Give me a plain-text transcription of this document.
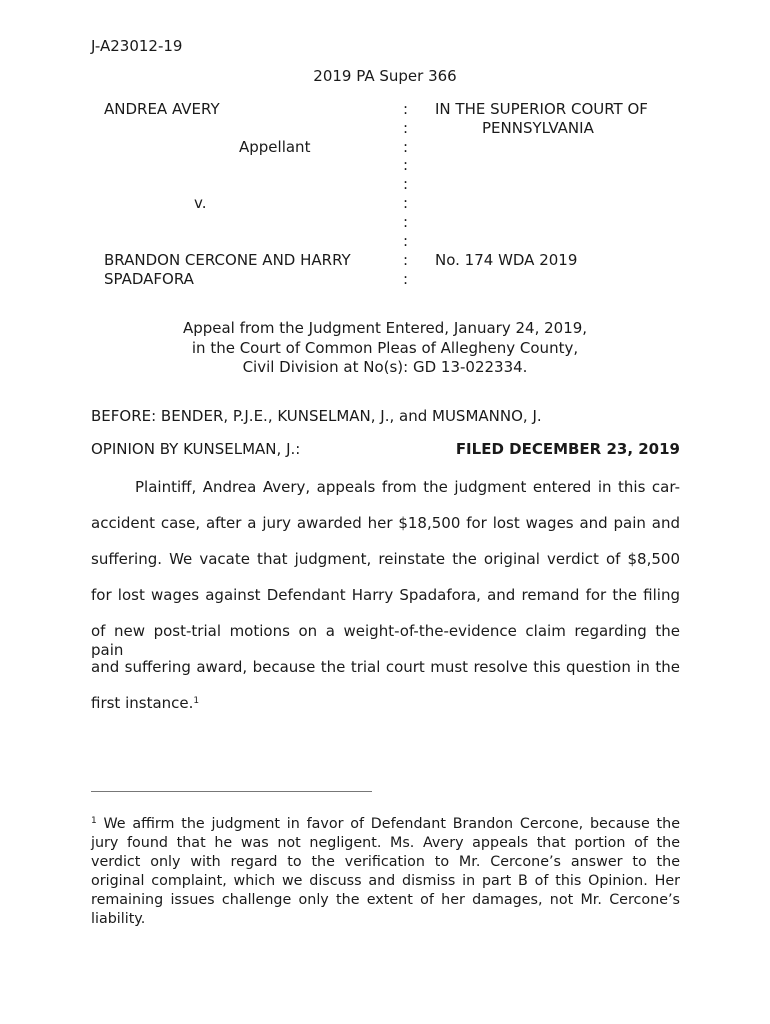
J-A23012-19

2019 PA Super 366

ANDREA AVERY

Appellant

v.

BRANDON CERCONE AND HARRY

SPADAFORA

:

:

:

:

:

:

:

:

:

:

IN THE SUPERIOR COURT OF

PENNSYLVANIA

No. 174 WDA 2019

Appeal from the Judgment Entered, January 24, 2019,
in the Court of Common Pleas of Allegheny County,
Civil Division at No(s): GD 13-022334.

BEFORE: BENDER, P.J.E., KUNSELMAN, J., and MUSMANNO, J.

OPINION BY KUNSELMAN, J.:	FILED DECEMBER 23, 2019

Plaintiff, Andrea Avery, appeals from the judgment entered in this car-

accident case, after a jury awarded her $18,500 for lost wages and pain and

suffering. We vacate that judgment, reinstate the original verdict of $8,500

for lost wages against Defendant Harry Spadafora, and remand for the filing

of new post-trial motions on a weight-of-the-evidence claim regarding the pain

and suffering award, because the trial court must resolve this question in the

first instance.$^1$

$^1$ We affirm the judgment in favor of Defendant Brandon Cercone, because the
jury found that he was not negligent. Ms. Avery appeals that portion of the
verdict only with regard to the verification to Mr. Cercone’s answer to the
original complaint, which we discuss and dismiss in part B of this Opinion. Her
remaining issues challenge only the extent of her damages, not Mr. Cercone’s
liability.
